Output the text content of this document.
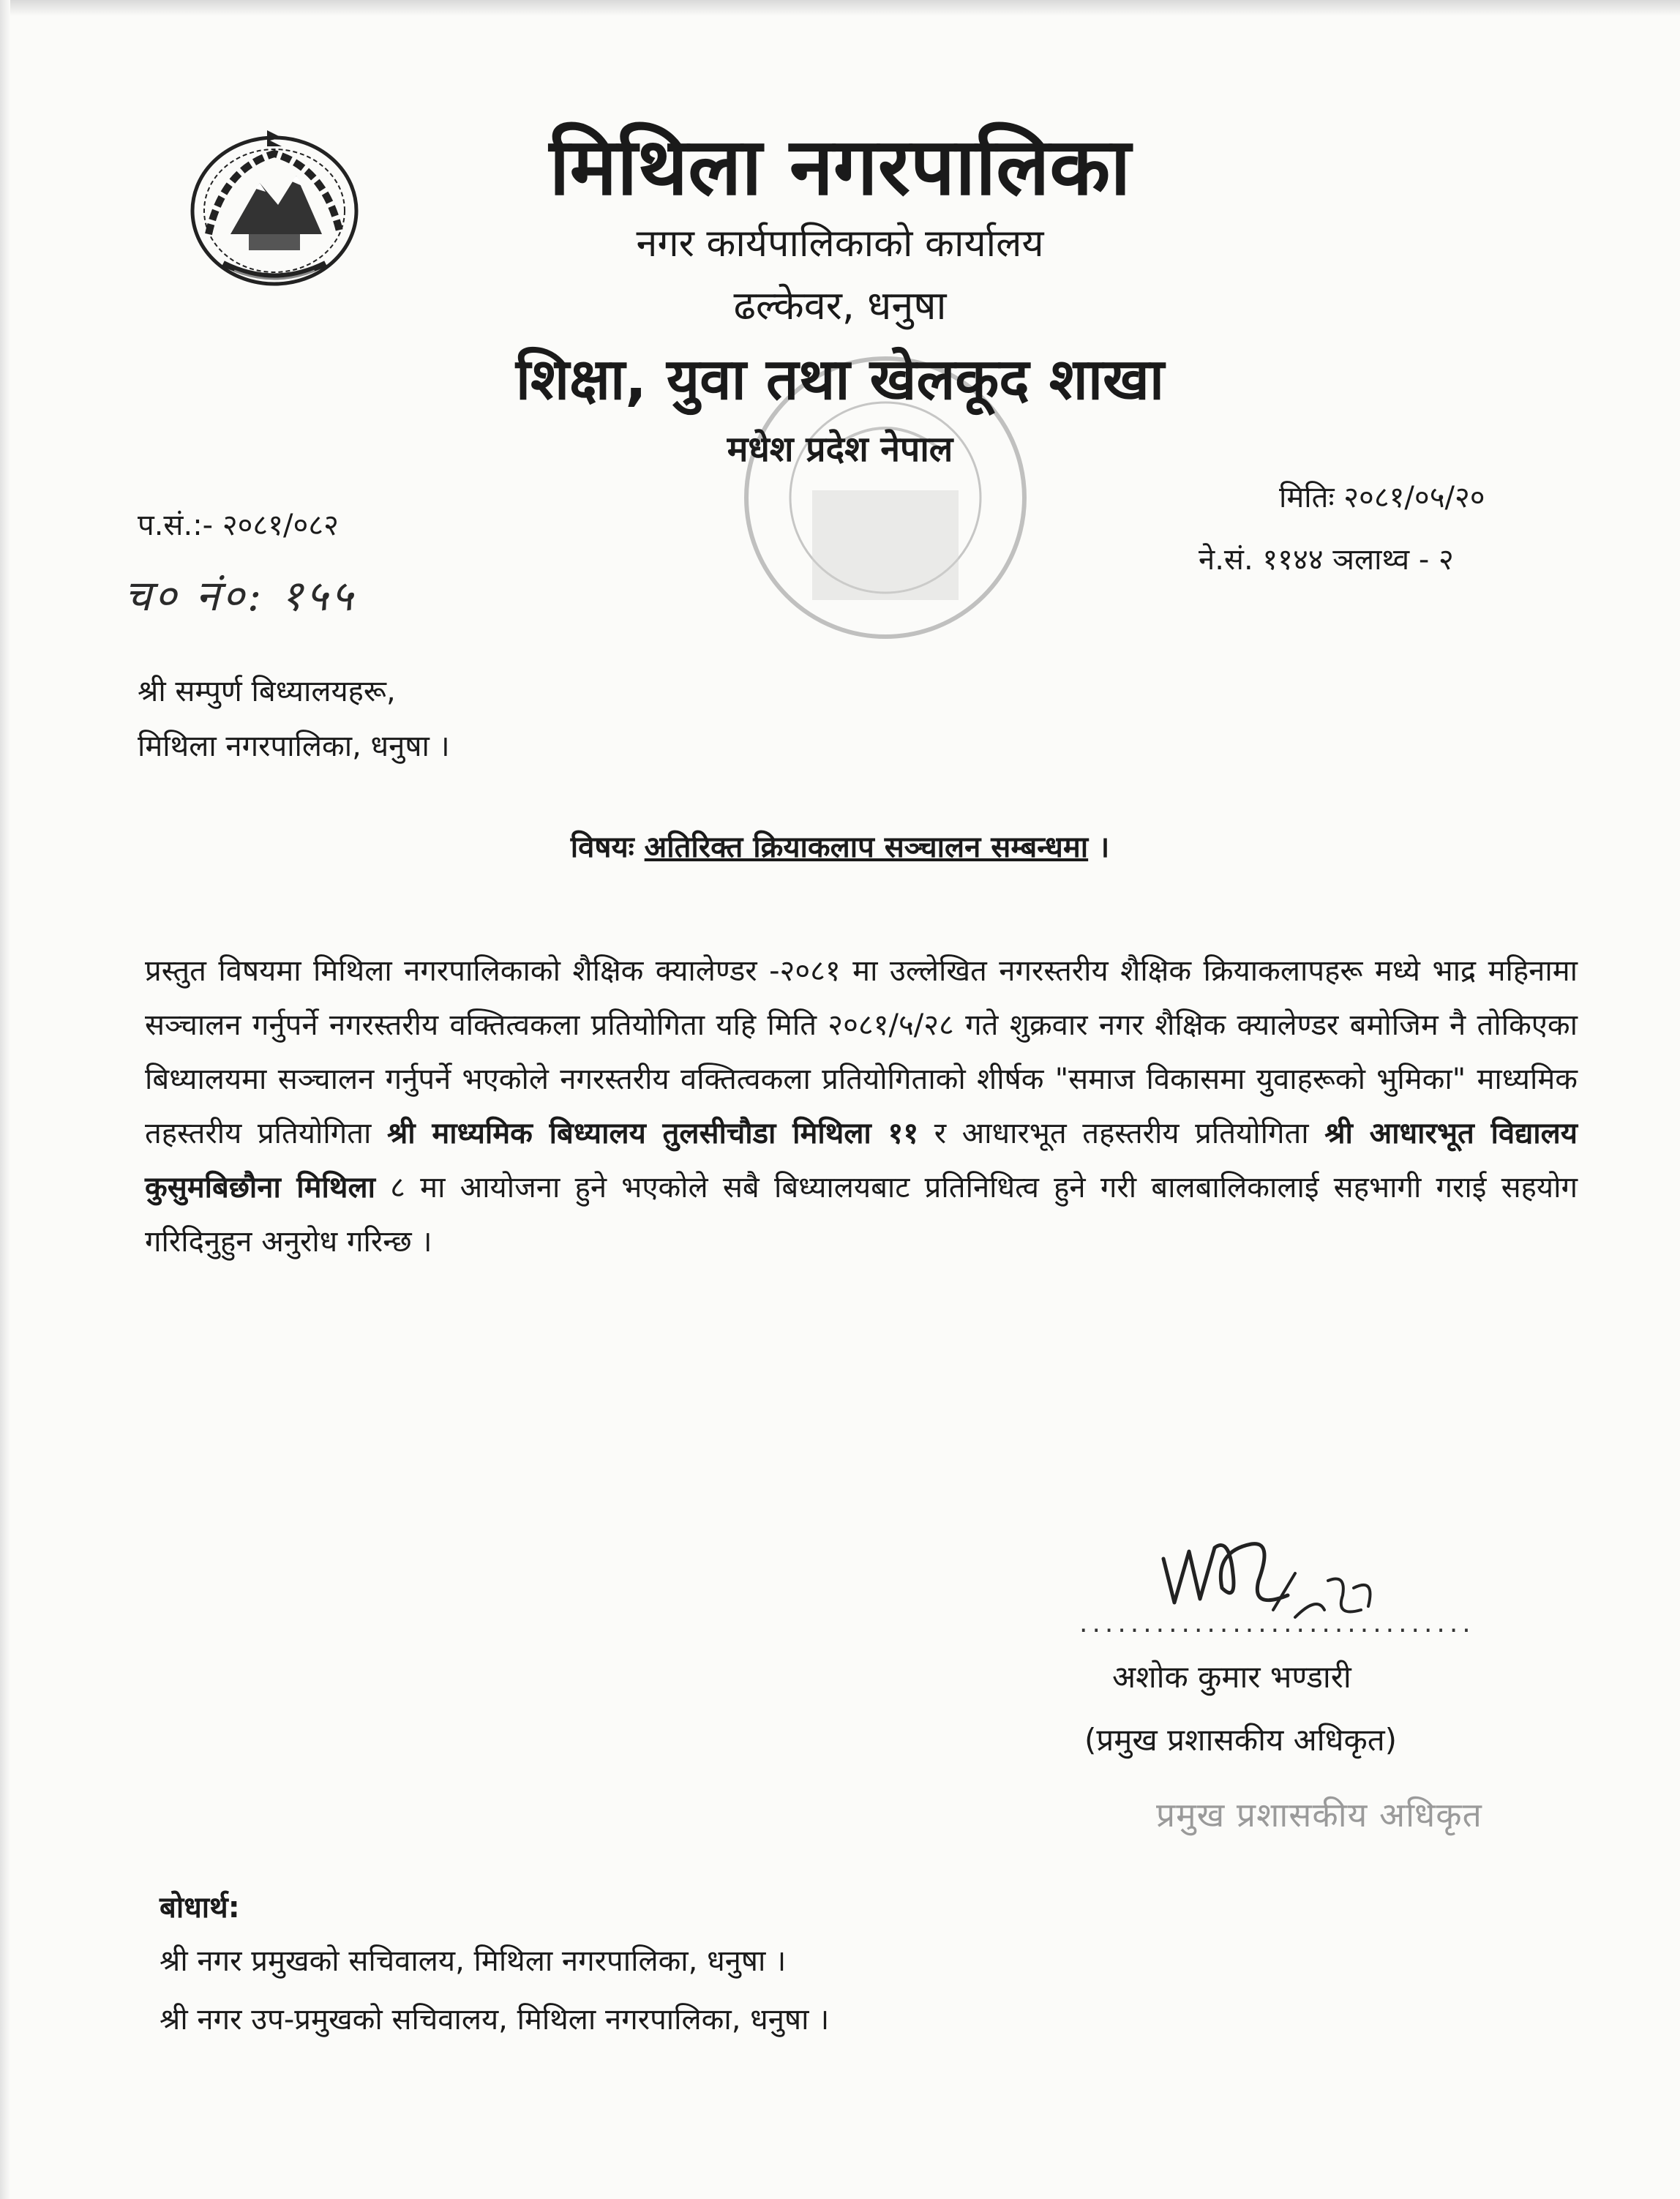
मिथिला नगरपालिका
नगर कार्यपालिकाको कार्यालय
ढल्केवर, धनुषा
शिक्षा, युवा तथा खेलकूद शाखा
मधेश प्रदेश नेपाल
प.सं.:- २०८१/०८२
च० नं०: १५५
मितिः २०८१/०५/२०
ने.सं. ११४४ ञलाथ्व - २
श्री सम्पुर्ण बिध्यालयहरू,
मिथिला नगरपालिका, धनुषा ।
विषयः अतिरिक्त क्रियाकलाप सञ्चालन सम्बन्धमा ।
प्रस्तुत विषयमा मिथिला नगरपालिकाको शैक्षिक क्यालेण्डर -२०८१ मा उल्लेखित नगरस्तरीय शैक्षिक क्रियाकलापहरू मध्ये भाद्र महिनामा सञ्चालन गर्नुपर्ने नगरस्तरीय वक्तित्वकला प्रतियोगिता यहि मिति २०८१/५/२८ गते शुक्रवार नगर शैक्षिक क्यालेण्डर बमोजिम नै तोकिएका बिध्यालयमा सञ्चालन गर्नुपर्ने भएकोले नगरस्तरीय वक्तित्वकला प्रतियोगिताको शीर्षक "समाज विकासमा युवाहरूको भुमिका" माध्यमिक तहस्तरीय प्रतियोगिता श्री माध्यमिक बिध्यालय तुलसीचौडा मिथिला ११ र आधारभूत तहस्तरीय प्रतियोगिता श्री आधारभूत विद्यालय कुसुमबिछौना मिथिला ८ मा आयोजना हुने भएकोले सबै बिध्यालयबाट प्रतिनिधित्व हुने गरी बालबालिकालाई सहभागी गराई सहयोग गरिदिनुहुन अनुरोध गरिन्छ ।
...............................
अशोक कुमार भण्डारी
(प्रमुख प्रशासकीय अधिकृत)
प्रमुख प्रशासकीय अधिकृत
बोधार्थ:
श्री नगर प्रमुखको सचिवालय, मिथिला नगरपालिका, धनुषा ।
श्री नगर उप-प्रमुखको सचिवालय, मिथिला नगरपालिका, धनुषा ।
